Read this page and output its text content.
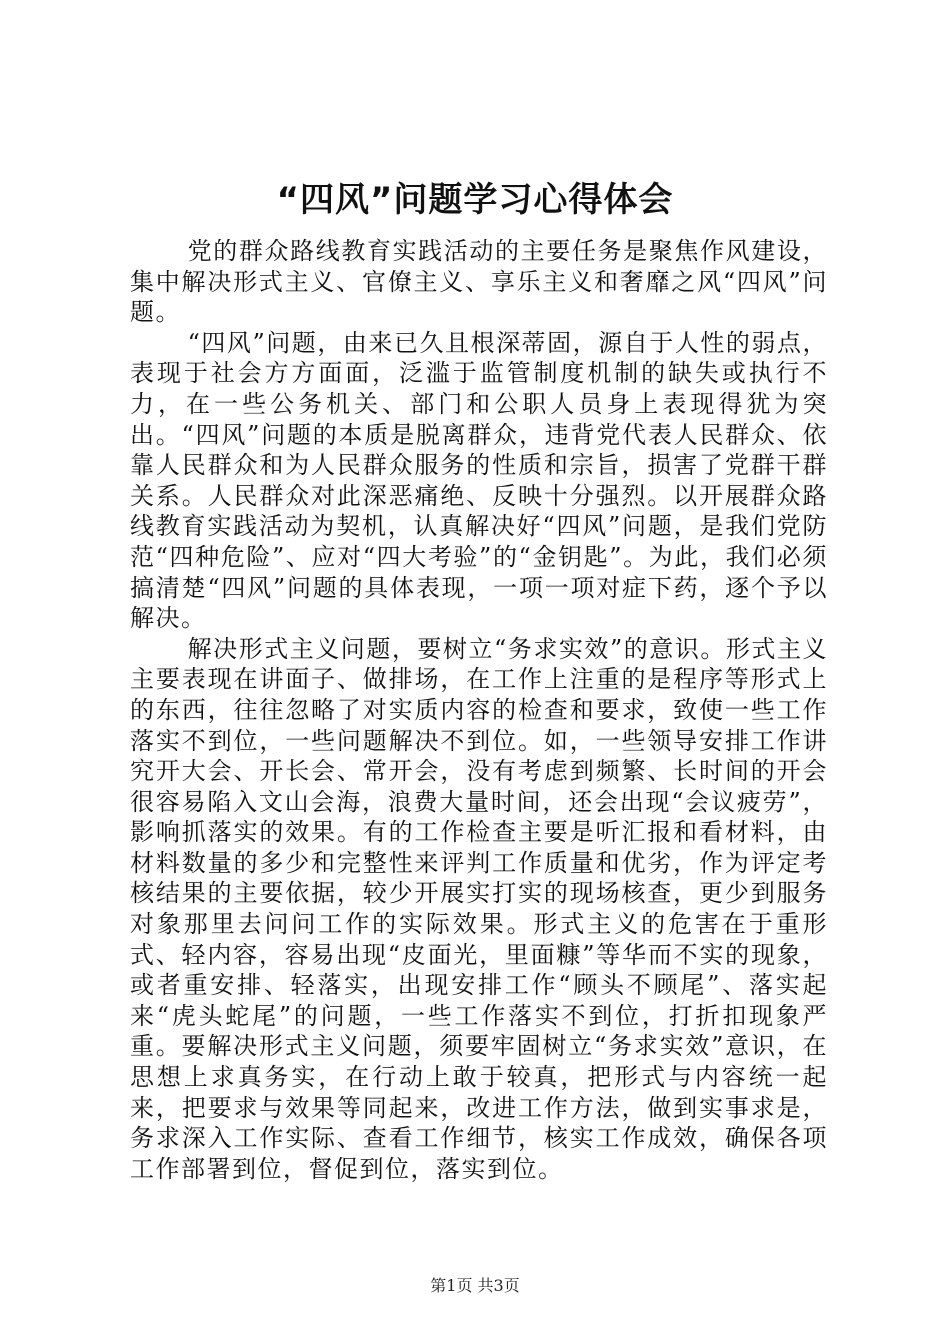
“四风”问题学习心得体会

党的群众路线教育实践活动的主要任务是聚焦作风建设，集中解决形式主义、官僚主义、享乐主义和奢靡之风“四风”问题。

“四风”问题，由来已久且根深蒂固，源自于人性的弱点，表现于社会方方面面，泛滥于监管制度机制的缺失或执行不力，在一些公务机关、部门和公职人员身上表现得犹为突出。“四风”问题的本质是脱离群众，违背党代表人民群众、依靠人民群众和为人民群众服务的性质和宗旨，损害了党群干群关系。人民群众对此深恶痛绝、反映十分强烈。以开展群众路线教育实践活动为契机，认真解决好“四风”问题，是我们党防范“四种危险”、应对“四大考验”的“金钥匙”。为此，我们必须搞清楚“四风”问题的具体表现，一项一项对症下药，逐个予以解决。

解决形式主义问题，要树立“务求实效”的意识。形式主义主要表现在讲面子、做排场，在工作上注重的是程序等形式上的东西，往往忽略了对实质内容的检查和要求，致使一些工作落实不到位，一些问题解决不到位。如，一些领导安排工作讲究开大会、开长会、常开会，没有考虑到频繁、长时间的开会很容易陷入文山会海，浪费大量时间，还会出现“会议疲劳”，影响抓落实的效果。有的工作检查主要是听汇报和看材料，由材料数量的多少和完整性来评判工作质量和优劣，作为评定考核结果的主要依据，较少开展实打实的现场核查，更少到服务对象那里去问问工作的实际效果。形式主义的危害在于重形式、轻内容，容易出现“皮面光，里面糠”等华而不实的现象，或者重安排、轻落实，出现安排工作“顾头不顾尾”、落实起来“虎头蛇尾”的问题，一些工作落实不到位，打折扣现象严重。要解决形式主义问题，须要牢固树立“务求实效”意识，在思想上求真务实，在行动上敢于较真，把形式与内容统一起来，把要求与效果等同起来，改进工作方法，做到实事求是，务求深入工作实际、查看工作细节，核实工作成效，确保各项工作部署到位，督促到位，落实到位。

第1页 共3页
